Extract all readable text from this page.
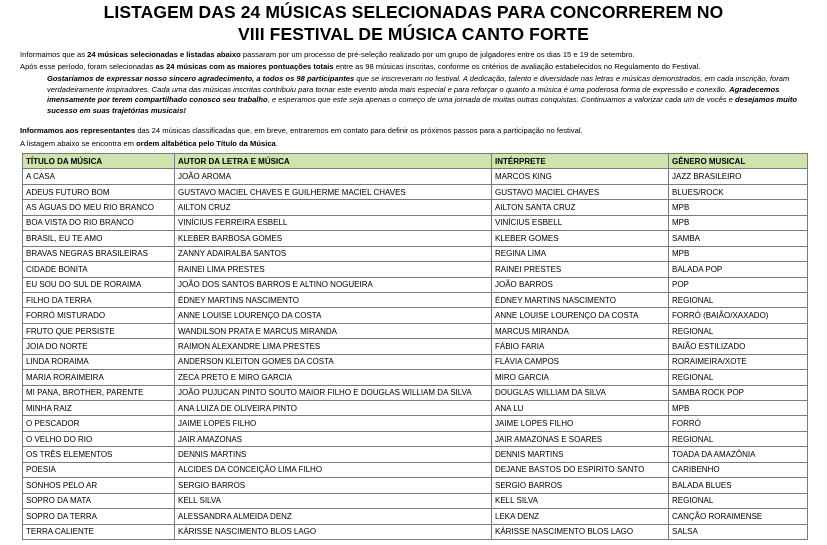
LISTAGEM DAS 24 MÚSICAS SELECIONADAS PARA CONCORREREM NO
VIII FESTIVAL DE MÚSICA CANTO FORTE
Informamos que as 24 músicas selecionadas e listadas abaixo passaram por um processo de pré-seleção realizado por um grupo de julgadores entre os dias 15 e 19 de setembro.
Após esse período, foram selecionadas as 24 músicas com as maiores pontuações totais entre as 98 músicas inscritas, conforme os critérios de avaliação estabelecidos no Regulamento do Festival.
Gostaríamos de expressar nosso sincero agradecimento, a todos os 98 participantes que se inscreveram no festival. A dedicação, talento e diversidade nas letras e músicas demonstrados, em cada inscrição, foram verdadeiramente inspiradores. Cada uma das músicas inscritas contribuiu para tornar este evento ainda mais especial e para reforçar o quanto a música é uma poderosa forma de expressão e conexão. Agradecemos imensamente por terem compartilhado conosco seu trabalho, e esperamos que este seja apenas o começo de uma jornada de muitas outras conquistas. Continuamos a valorizar cada um de vocês e desejamos muito sucesso em suas trajetórias musicais!
Informamos aos representantes das 24 músicas classificadas que, em breve, entraremos em contato para definir os próximos passos para a participação no festival.
A listagem abaixo se encontra em ordem alfabética pelo Título da Música.
TÍTULO DA MÚSICA	AUTOR DA LETRA E MÚSICA	INTÉRPRETE	GÊNERO MUSICAL
A CASA	JOÃO AROMA	MARCOS KING	JAZZ BRASILEIRO
ADEUS FUTURO BOM	GUSTAVO MACIEL CHAVES E GUILHERME MACIEL CHAVES	GUSTAVO MACIEL CHAVES	BLUES/ROCK
AS ÁGUAS DO MEU RIO BRANCO	AILTON CRUZ	AILTON SANTA CRUZ	MPB
BOA VISTA DO RIO BRANCO	VINÍCIUS FERREIRA ESBELL	VINÍCIUS ESBELL	MPB
BRASIL, EU TE AMO	KLEBER BARBOSA GOMES	KLEBER GOMES	SAMBA
BRAVAS NEGRAS BRASILEIRAS	ZANNY ADAIRALBA SANTOS	REGINA LIMA	MPB
CIDADE BONITA	RAINEI LIMA PRESTES	RAINEI PRESTES	BALADA POP
EU SOU DO SUL DE RORAIMA	JOÃO DOS SANTOS BARROS E ALTINO NOGUEIRA	JOÃO BARROS	POP
FILHO DA TERRA	ÉDNEY MARTINS NASCIMENTO	ÉDNEY MARTINS NASCIMENTO	REGIONAL
FORRÓ MISTURADO	ANNE LOUISE LOURENÇO DA COSTA	ANNE LOUISE LOURENÇO DA COSTA	FORRÓ (BAIÃO/XAXADO)
FRUTO QUE PERSISTE	WANDILSON PRATA E MARCUS MIRANDA	MARCUS MIRANDA	REGIONAL
JOIA DO NORTE	RAIMON ALEXANDRE LIMA PRESTES	FÁBIO FARIA	BAIÃO ESTILIZADO
LINDA RORAIMA	ANDERSON KLEITON GOMES DA COSTA	FLÁVIA CAMPOS	RORAIMEIRA/XOTE
MARIA RORAIMEIRA	ZECA PRETO E MIRO GARCIA	MIRO GARCIA	REGIONAL
MI PANA, BROTHER, PARENTE	JOÃO PUJUCAN PINTO SOUTO MAIOR FILHO E DOUGLAS WILLIAM DA SILVA	DOUGLAS WILLIAM DA SILVA	SAMBA ROCK POP
MINHA RAIZ	ANA LUIZA DE OLIVEIRA PINTO	ANA LU	MPB
O PESCADOR	JAIME LOPES FILHO	JAIME LOPES FILHO	FORRÓ
O VELHO DO RIO	JAIR AMAZONAS	JAIR AMAZONAS E SOARES	REGIONAL
OS TRÊS ELEMENTOS	DENNIS MARTINS	DENNIS MARTINS	TOADA DA AMAZÔNIA
POESIA	ALCIDES DA CONCEIÇÃO LIMA FILHO	DEJANE BASTOS DO ESPIRITO SANTO	CARIBENHO
SONHOS PELO AR	SERGIO BARROS	SERGIO BARROS	BALADA BLUES
SOPRO DA MATA	KELL SILVA	KELL SILVA	REGIONAL
SOPRO DA TERRA	ALESSANDRA ALMEIDA DENZ	LEKA DENZ	CANÇÃO RORAIMENSE
TERRA CALIENTE	KÁRISSE NASCIMENTO BLOS LAGO	KÁRISSE NASCIMENTO BLOS LAGO	SALSA
